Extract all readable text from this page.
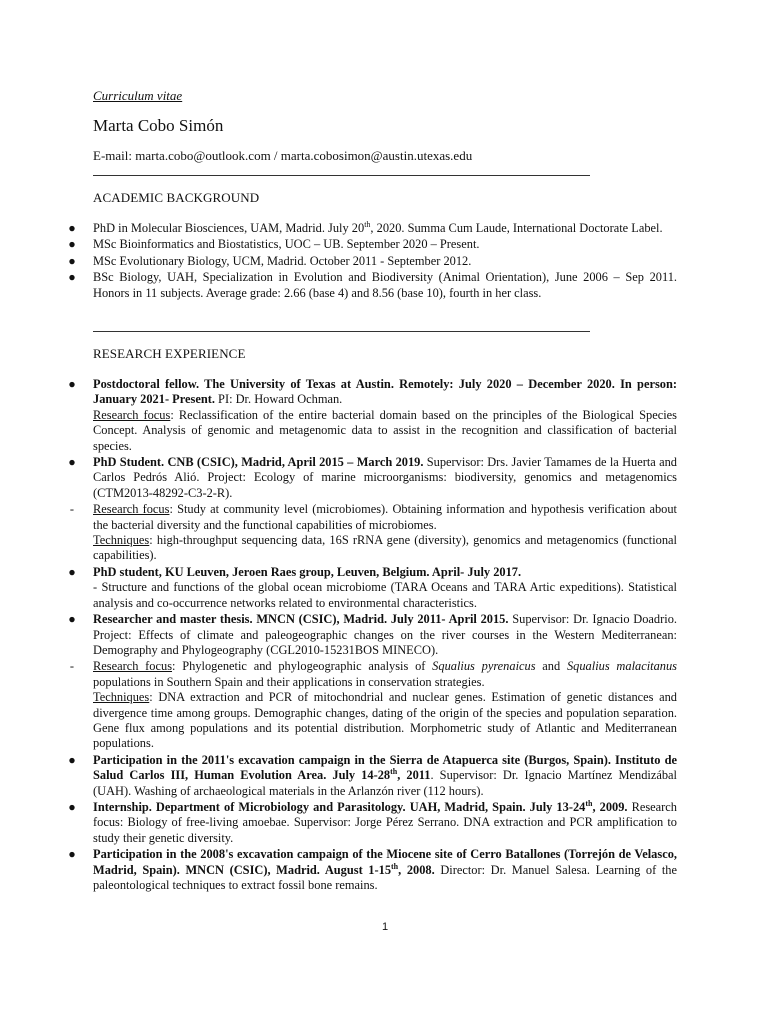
Curriculum vitae
Marta Cobo Simón
E-mail: marta.cobo@outlook.com / marta.cobosimon@austin.utexas.edu
ACADEMIC BACKGROUND
● PhD in Molecular Biosciences, UAM, Madrid. July 20th, 2020. Summa Cum Laude, International Doctorate Label.

● MSc Bioinformatics and Biostatistics, UOC – UB. September 2020 – Present.

● MSc Evolutionary Biology, UCM, Madrid. October 2011 - September 2012.

● BSc Biology, UAH, Specialization in Evolution and Biodiversity (Animal Orientation), June 2006 – Sep 2011. Honors in 11 subjects. Average grade: 2.66 (base 4) and 8.56 (base 10), fourth in her class.

RESEARCH EXPERIENCE
● Postdoctoral fellow. The University of Texas at Austin. Remotely: July 2020 – December 2020. In person: January 2021- Present. PI: Dr. Howard Ochman.

Research focus: Reclassification of the entire bacterial domain based on the principles of the Biological Species Concept. Analysis of genomic and metagenomic data to assist in the recognition and classification of bacterial species.

● PhD Student. CNB (CSIC), Madrid, April 2015 – March 2019. Supervisor: Drs. Javier Tamames de la Huerta and Carlos Pedrós Alió. Project: Ecology of marine microorganisms: biodiversity, genomics and metagenomics (CTM2013-48292-C3-2-R).

- Research focus: Study at community level (microbiomes). Obtaining information and hypothesis verification about the bacterial diversity and the functional capabilities of microbiomes.

Techniques: high-throughput sequencing data, 16S rRNA gene (diversity), genomics and metagenomics (functional capabilities).

● PhD student, KU Leuven, Jeroen Raes group, Leuven, Belgium. April- July 2017.

- Structure and functions of the global ocean microbiome (TARA Oceans and TARA Artic expeditions). Statistical analysis and co-occurrence networks related to environmental characteristics.

● Researcher and master thesis. MNCN (CSIC), Madrid. July 2011- April 2015. Supervisor: Dr. Ignacio Doadrio. Project: Effects of climate and paleogeographic changes on the river courses in the Western Mediterranean: Demography and Phylogeography (CGL2010-15231BOS MINECO).

- Research focus: Phylogenetic and phylogeographic analysis of Squalius pyrenaicus and Squalius malacitanus populations in Southern Spain and their applications in conservation strategies.

Techniques: DNA extraction and PCR of mitochondrial and nuclear genes. Estimation of genetic distances and divergence time among groups. Demographic changes, dating of the origin of the species and population separation. Gene flux among populations and its potential distribution. Morphometric study of Atlantic and Mediterranean populations.

● Participation in the 2011's excavation campaign in the Sierra de Atapuerca site (Burgos, Spain). Instituto de Salud Carlos III, Human Evolution Area. July 14-28th, 2011. Supervisor: Dr. Ignacio Martínez Mendizábal (UAH). Washing of archaeological materials in the Arlanzón river (112 hours).

● Internship. Department of Microbiology and Parasitology. UAH, Madrid, Spain. July 13-24th, 2009. Research focus: Biology of free-living amoebae. Supervisor: Jorge Pérez Serrano. DNA extraction and PCR amplification to study their genetic diversity.

● Participation in the 2008's excavation campaign of the Miocene site of Cerro Batallones (Torrejón de Velasco, Madrid, Spain). MNCN (CSIC), Madrid. August 1-15th, 2008. Director: Dr. Manuel Salesa. Learning of the paleontological techniques to extract fossil bone remains.

1
